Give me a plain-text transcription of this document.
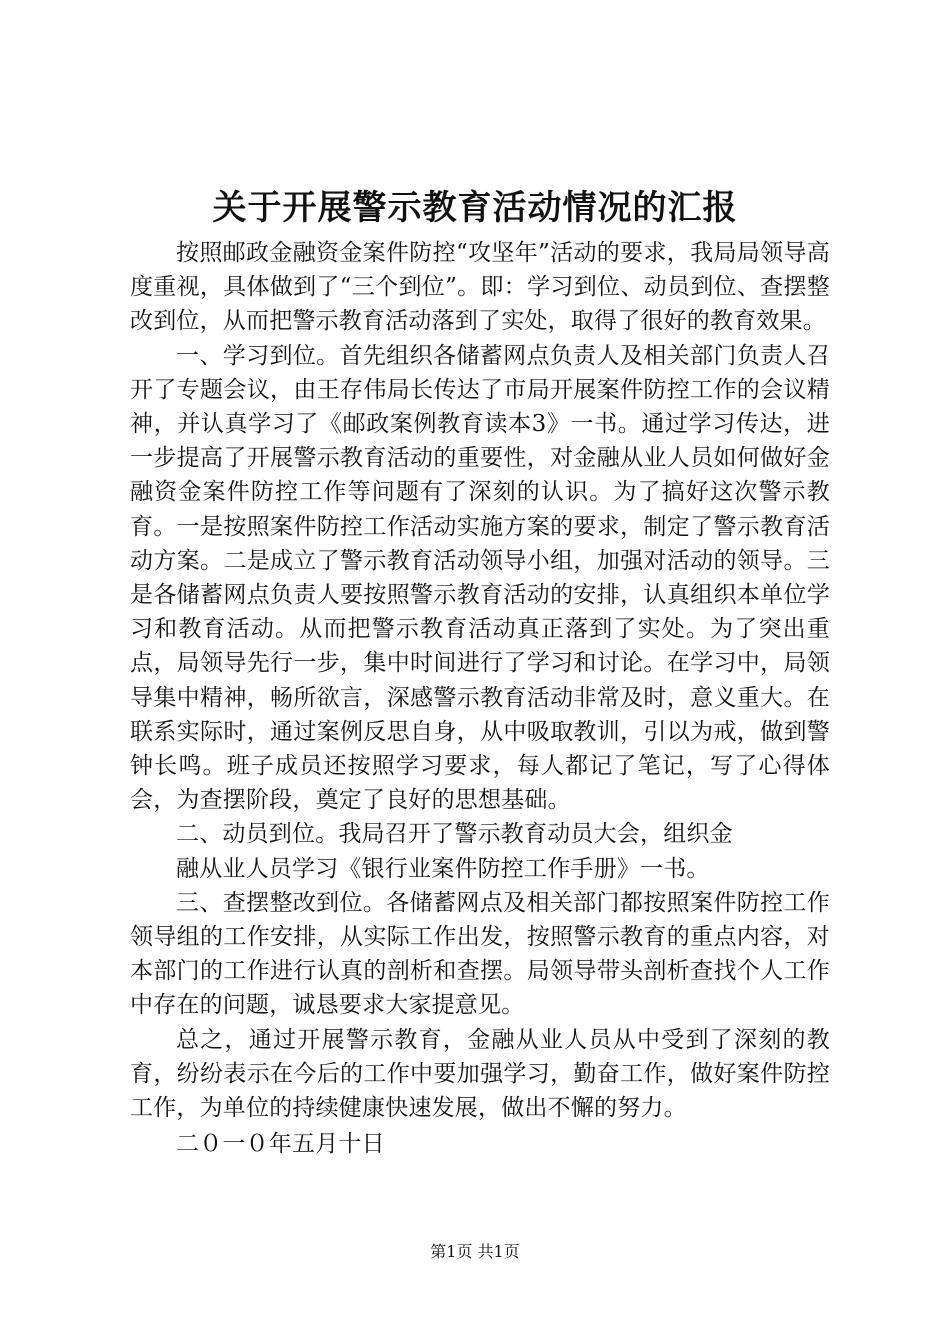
关于开展警示教育活动情况的汇报

按照邮政金融资金案件防控“攻坚年”活动的要求，我局局领导高度重视，具体做到了“三个到位”。即：学习到位、动员到位、查摆整改到位，从而把警示教育活动落到了实处，取得了很好的教育效果。

一、学习到位。首先组织各储蓄网点负责人及相关部门负责人召开了专题会议，由王存伟局长传达了市局开展案件防控工作的会议精神，并认真学习了《邮政案例教育读本3》一书。通过学习传达，进一步提高了开展警示教育活动的重要性，对金融从业人员如何做好金融资金案件防控工作等问题有了深刻的认识。为了搞好这次警示教育。一是按照案件防控工作活动实施方案的要求，制定了警示教育活动方案。二是成立了警示教育活动领导小组，加强对活动的领导。三是各储蓄网点负责人要按照警示教育活动的安排，认真组织本单位学习和教育活动。从而把警示教育活动真正落到了实处。为了突出重点，局领导先行一步，集中时间进行了学习和讨论。在学习中，局领导集中精神，畅所欲言，深感警示教育活动非常及时，意义重大。在联系实际时，通过案例反思自身，从中吸取教训，引以为戒，做到警钟长鸣。班子成员还按照学习要求，每人都记了笔记，写了心得体会，为查摆阶段，奠定了良好的思想基础。

二、动员到位。我局召开了警示教育动员大会，组织金

融从业人员学习《银行业案件防控工作手册》一书。

三、查摆整改到位。各储蓄网点及相关部门都按照案件防控工作领导组的工作安排，从实际工作出发，按照警示教育的重点内容，对本部门的工作进行认真的剖析和查摆。局领导带头剖析查找个人工作中存在的问题，诚恳要求大家提意见。

总之，通过开展警示教育，金融从业人员从中受到了深刻的教育，纷纷表示在今后的工作中要加强学习，勤奋工作，做好案件防控工作，为单位的持续健康快速发展，做出不懈的努力。

二０一０年五月十日

第1页 共1页
